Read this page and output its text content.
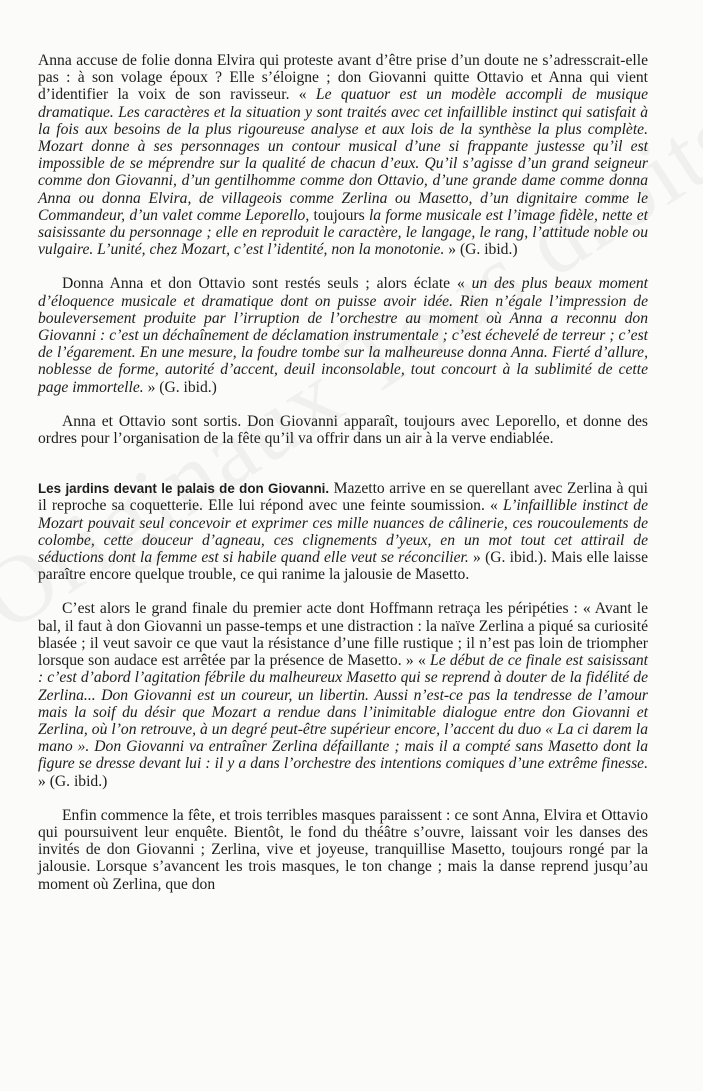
Anna accuse de folie donna Elvira qui proteste avant d’être prise d’un doute ne s’adresscrait-elle pas : à son volage époux ? Elle s’éloigne ; don Giovanni quitte Ottavio et Anna qui vient d’identifier la voix de son ravisseur. « Le quatuor est un modèle accompli de musique dramatique. Les caractères et la situation y sont traités avec cet infaillible instinct qui satisfait à la fois aux besoins de la plus rigoureuse analyse et aux lois de la synthèse la plus complète. Mozart donne à ses personnages un contour musical d’une si frappante justesse qu’il est impossible de se méprendre sur la qualité de chacun d’eux. Qu’il s’agisse d’un grand seigneur comme don Giovanni, d’un gentilhomme comme don Ottavio, d’une grande dame comme donna Anna ou donna Elvira, de villageois comme Zerlina ou Masetto, d’un dignitaire comme le Commandeur, d’un valet comme Leporello, toujours la forme musicale est l’image fidèle, nette et saisissante du personnage ; elle en reproduit le caractère, le langage, le rang, l’attitude noble ou vulgaire. L’unité, chez Mozart, c’est l’identité, non la monotonie. » (G. ibid.)

Donna Anna et don Ottavio sont restés seuls ; alors éclate « un des plus beaux moment d’éloquence musicale et dramatique dont on puisse avoir idée. Rien n’égale l’impression de bouleversement produite par l’irruption de l’orchestre au moment où Anna a reconnu don Giovanni : c’est un déchaînement de déclamation instrumentale ; c’est échevelé de terreur ; c’est de l’égarement. En une mesure, la foudre tombe sur la malheureuse donna Anna. Fierté d’allure, noblesse de forme, autorité d’accent, deuil inconsolable, tout concourt à la sublimité de cette page immortelle. » (G. ibid.)

Anna et Ottavio sont sortis. Don Giovanni apparaît, toujours avec Leporello, et donne des ordres pour l’organisation de la fête qu’il va offrir dans un air à la verve endiablée.

Les jardins devant le palais de don Giovanni. Mazetto arrive en se querellant avec Zerlina à qui il reproche sa coquetterie. Elle lui répond avec une feinte soumission. « L’infaillible instinct de Mozart pouvait seul concevoir et exprimer ces mille nuances de câlinerie, ces roucoulements de colombe, cette douceur d’agneau, ces clignements d’yeux, en un mot tout cet attirail de séductions dont la femme est si habile quand elle veut se réconcilier. » (G. ibid.). Mais elle laisse paraître encore quelque trouble, ce qui ranime la jalousie de Masetto.

C’est alors le grand finale du premier acte dont Hoffmann retraça les péripéties : « Avant le bal, il faut à don Giovanni un passe-temps et une distraction : la naïve Zerlina a piqué sa curiosité blasée ; il veut savoir ce que vaut la résistance d’une fille rustique ; il n’est pas loin de triompher lorsque son audace est arrêtée par la présence de Masetto. » « Le début de ce finale est saisissant : c’est d’abord l’agitation fébrile du malheureux Masetto qui se reprend à douter de la fidélité de Zerlina... Don Giovanni est un coureur, un libertin. Aussi n’est-ce pas la tendresse de l’amour mais la soif du désir que Mozart a rendue dans l’inimitable dialogue entre don Giovanni et Zerlina, où l’on retrouve, à un degré peut-être supérieur encore, l’accent du duo « La ci darem la mano ». Don Giovanni va entraîner Zerlina défaillante ; mais il a compté sans Masetto dont la figure se dresse devant lui : il y a dans l’orchestre des intentions comiques d’une extrême finesse. » (G. ibid.)

Enfin commence la fête, et trois terribles masques paraissent : ce sont Anna, Elvira et Ottavio qui poursuivent leur enquête. Bientôt, le fond du théâtre s’ouvre, laissant voir les danses des invités de don Giovanni ; Zerlina, vive et joyeuse, tranquillise Masetto, toujours rongé par la jalousie. Lorsque s’avancent les trois masques, le ton change ; mais la danse reprend jusqu’au moment où Zerlina, que don
